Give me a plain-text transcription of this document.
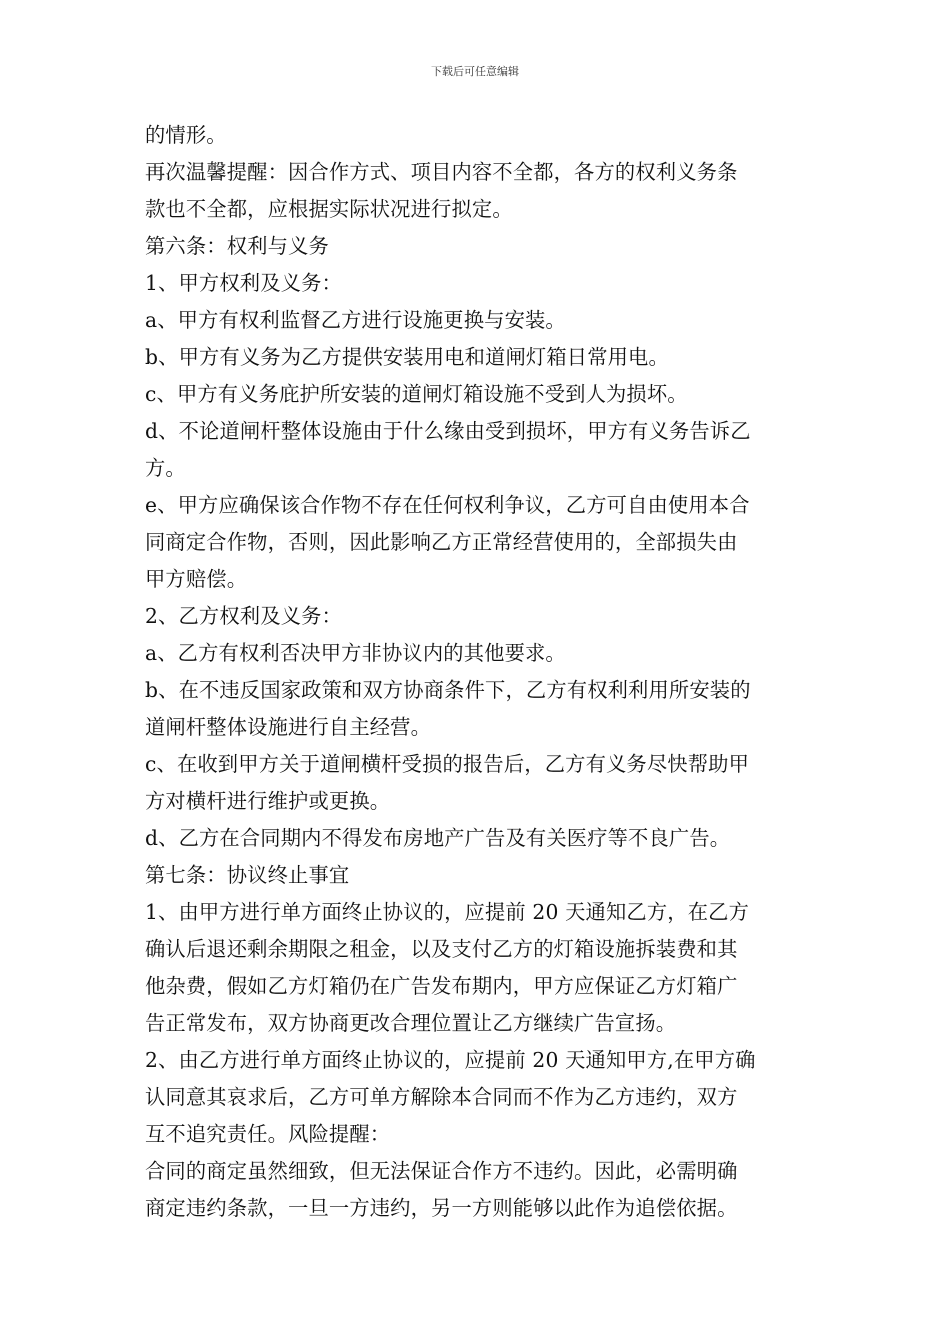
下载后可任意编辑
的情形。
再次温馨提醒：因合作方式、项目内容不全都，各方的权利义务条
款也不全都，应根据实际状况进行拟定。
第六条：权利与义务
1、甲方权利及义务：
a、甲方有权利监督乙方进行设施更换与安装。
b、甲方有义务为乙方提供安装用电和道闸灯箱日常用电。
c、甲方有义务庇护所安装的道闸灯箱设施不受到人为损坏。
d、不论道闸杆整体设施由于什么缘由受到损坏，甲方有义务告诉乙
方。
e、甲方应确保该合作物不存在任何权利争议，乙方可自由使用本合
同商定合作物，否则，因此影响乙方正常经营使用的，全部损失由
甲方赔偿。
2、乙方权利及义务：
a、乙方有权利否决甲方非协议内的其他要求。
b、在不违反国家政策和双方协商条件下，乙方有权利利用所安装的
道闸杆整体设施进行自主经营。
c、在收到甲方关于道闸横杆受损的报告后，乙方有义务尽快帮助甲
方对横杆进行维护或更换。
d、乙方在合同期内不得发布房地产广告及有关医疗等不良广告。
第七条：协议终止事宜
1、由甲方进行单方面终止协议的，应提前 20 天通知乙方，在乙方
确认后退还剩余期限之租金，以及支付乙方的灯箱设施拆装费和其
他杂费，假如乙方灯箱仍在广告发布期内，甲方应保证乙方灯箱广
告正常发布，双方协商更改合理位置让乙方继续广告宣扬。
2、由乙方进行单方面终止协议的，应提前 20 天通知甲方,在甲方确
认同意其哀求后，乙方可单方解除本合同而不作为乙方违约，双方
互不追究责任。风险提醒：
合同的商定虽然细致，但无法保证合作方不违约。因此，必需明确
商定违约条款，一旦一方违约，另一方则能够以此作为追偿依据。
